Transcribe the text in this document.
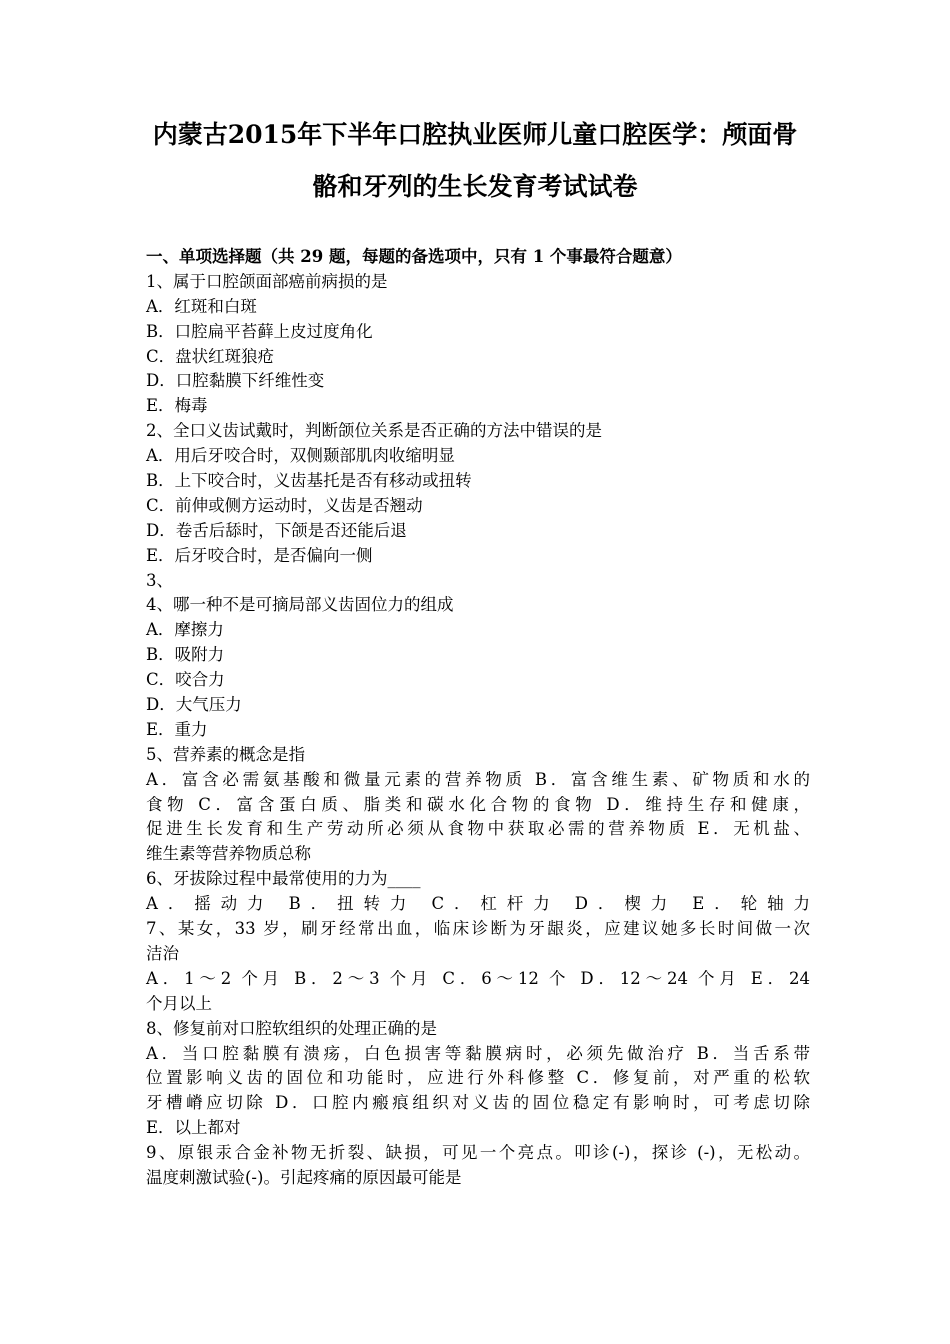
内蒙古2015年下半年口腔执业医师儿童口腔医学：颅面骨
骼和牙列的生长发育考试试卷
一、单项选择题（共 29 题，每题的备选项中，只有 1 个事最符合题意）
1、属于口腔颌面部癌前病损的是
A．红斑和白斑
B．口腔扁平苔藓上皮过度角化
C．盘状红斑狼疮
D．口腔黏膜下纤维性变
E．梅毒
2、全口义齿试戴时，判断颌位关系是否正确的方法中错误的是
A．用后牙咬合时，双侧颞部肌肉收缩明显
B．上下咬合时，义齿基托是否有移动或扭转
C．前伸或侧方运动时，义齿是否翘动
D．卷舌后舔时，下颌是否还能后退
E．后牙咬合时，是否偏向一侧
3、
4、哪一种不是可摘局部义齿固位力的组成
A．摩擦力
B．吸附力
C．咬合力
D．大气压力
E．重力
5、营养素的概念是指
A．富含必需氨基酸和微量元素的营养物质 B．富含维生素、矿物质和水的
食物 C．富含蛋白质、脂类和碳水化合物的食物 D．维持生存和健康，
促进生长发育和生产劳动所必须从食物中获取必需的营养物质 E．无机盐、
维生素等营养物质总称
6、牙拔除过程中最常使用的力为____
A．摇动力 B．扭转力 C．杠杆力 D．楔力 E．轮轴力
7、某女，33 岁，刷牙经常出血，临床诊断为牙龈炎，应建议她多长时间做一次
洁治
A．1～2 个月 B．2～3 个月 C．6～12 个 D．12～24 个月 E．24
个月以上
8、修复前对口腔软组织的处理正确的是
A．当口腔黏膜有溃疡，白色损害等黏膜病时，必须先做治疗 B．当舌系带
位置影响义齿的固位和功能时，应进行外科修整 C．修复前，对严重的松软
牙槽嵴应切除 D．口腔内瘢痕组织对义齿的固位稳定有影响时，可考虑切除
E．以上都对
9、原银汞合金补物无折裂、缺损，可见一个亮点。叩诊(-)，探诊 (-)，无松动。
温度刺激试验(-)。引起疼痛的原因最可能是
